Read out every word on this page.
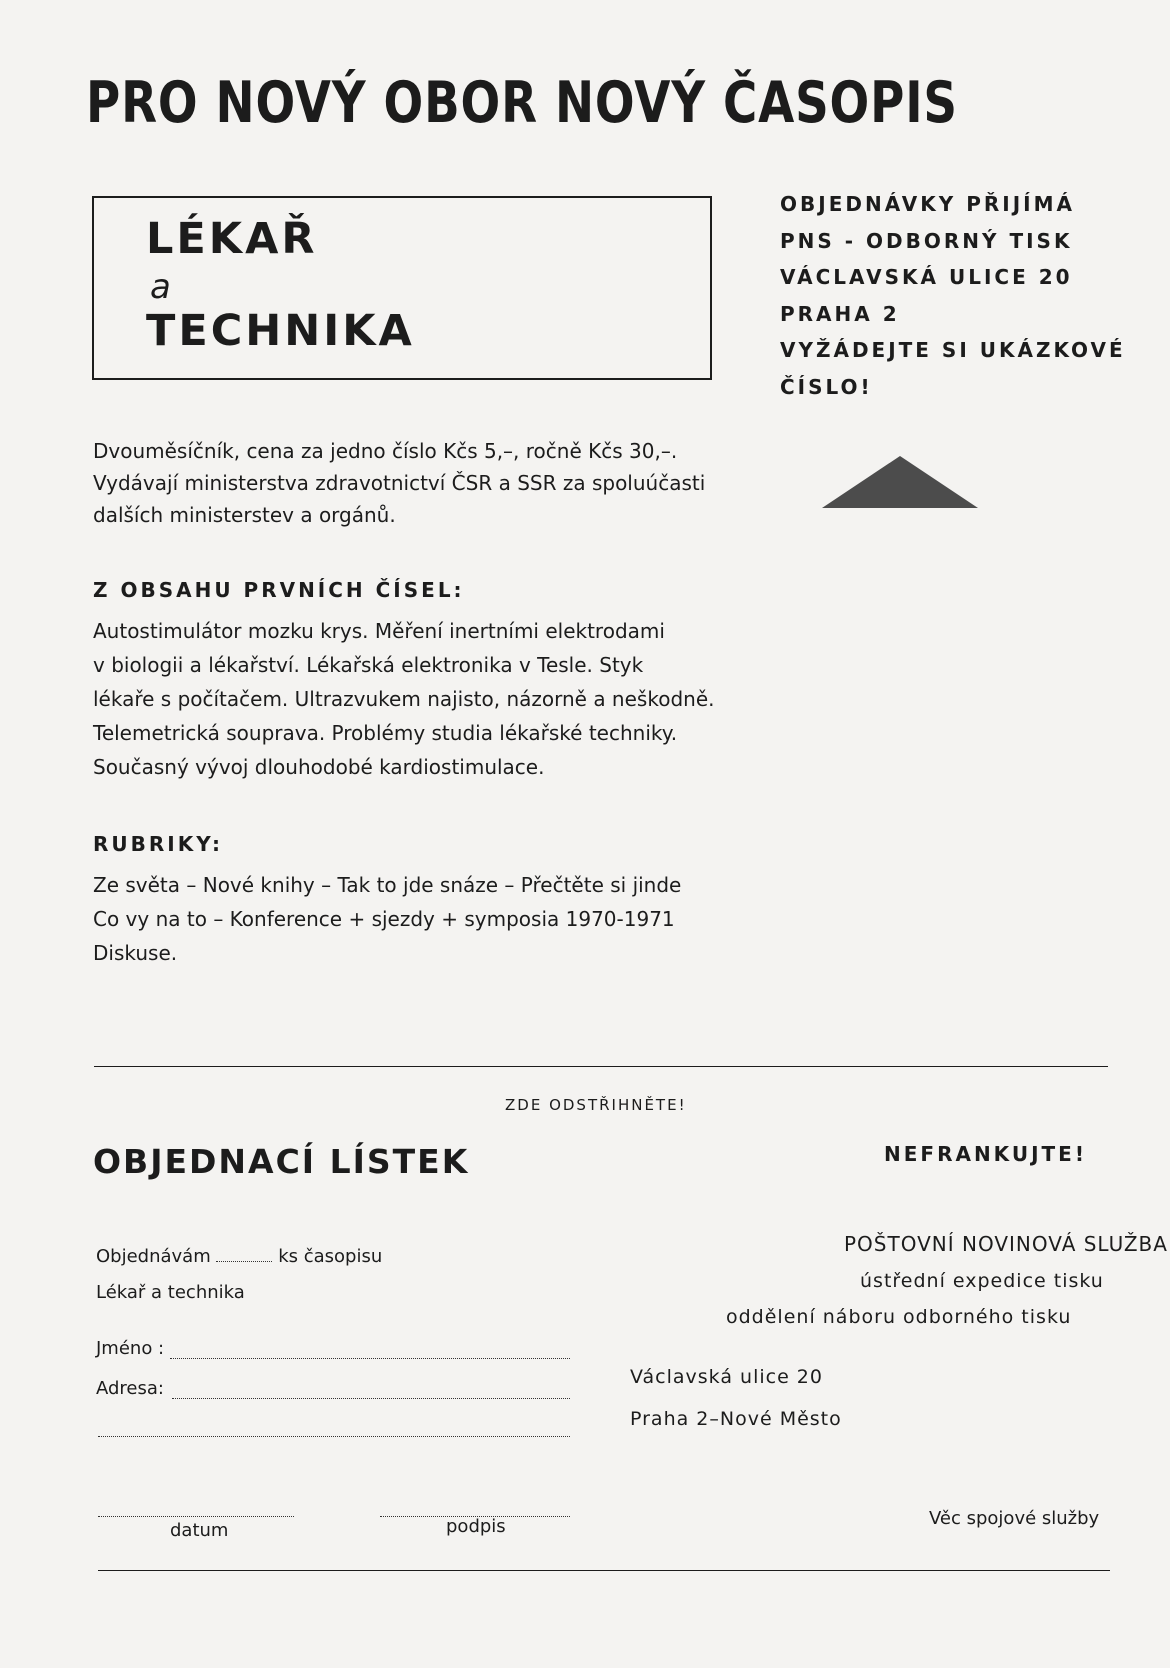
PRO NOVÝ OBOR NOVÝ ČASOPIS
LÉKAŘ
a
TECHNIKA
OBJEDNÁVKY PŘIJÍMÁ
PNS - ODBORNÝ TISK
VÁCLAVSKÁ ULICE 20
PRAHA 2
VYŽÁDEJTE SI UKÁZKOVÉ
ČÍSLO!
Dvouměsíčník, cena za jedno číslo Kčs 5,–, ročně Kčs 30,–.
Vydávají ministerstva zdravotnictví ČSR a SSR za spoluúčasti
dalších ministerstev a orgánů.
Z OBSAHU PRVNÍCH ČÍSEL:
Autostimulátor mozku krys. Měření inertními elektrodami
v biologii a lékařství. Lékařská elektronika v Tesle. Styk
lékaře s počítačem. Ultrazvukem najisto, názorně a neškodně.
Telemetrická souprava. Problémy studia lékařské techniky.
Současný vývoj dlouhodobé kardiostimulace.
RUBRIKY:
Ze světa – Nové knihy – Tak to jde snáze – Přečtěte si jinde
Co vy na to – Konference + sjezdy + symposia 1970-1971
Diskuse.
ZDE ODSTŘIHNĚTE!
OBJEDNACÍ LÍSTEK
Objednávám	ks časopisu
Lékař a technika
Jméno :
Adresa:
datum	podpis
NEFRANKUJTE!
POŠTOVNÍ NOVINOVÁ SLUŽBA
ústřední expedice tisku
oddělení náboru odborného tisku
Václavská ulice 20
Praha 2–Nové Město
Věc spojové služby
